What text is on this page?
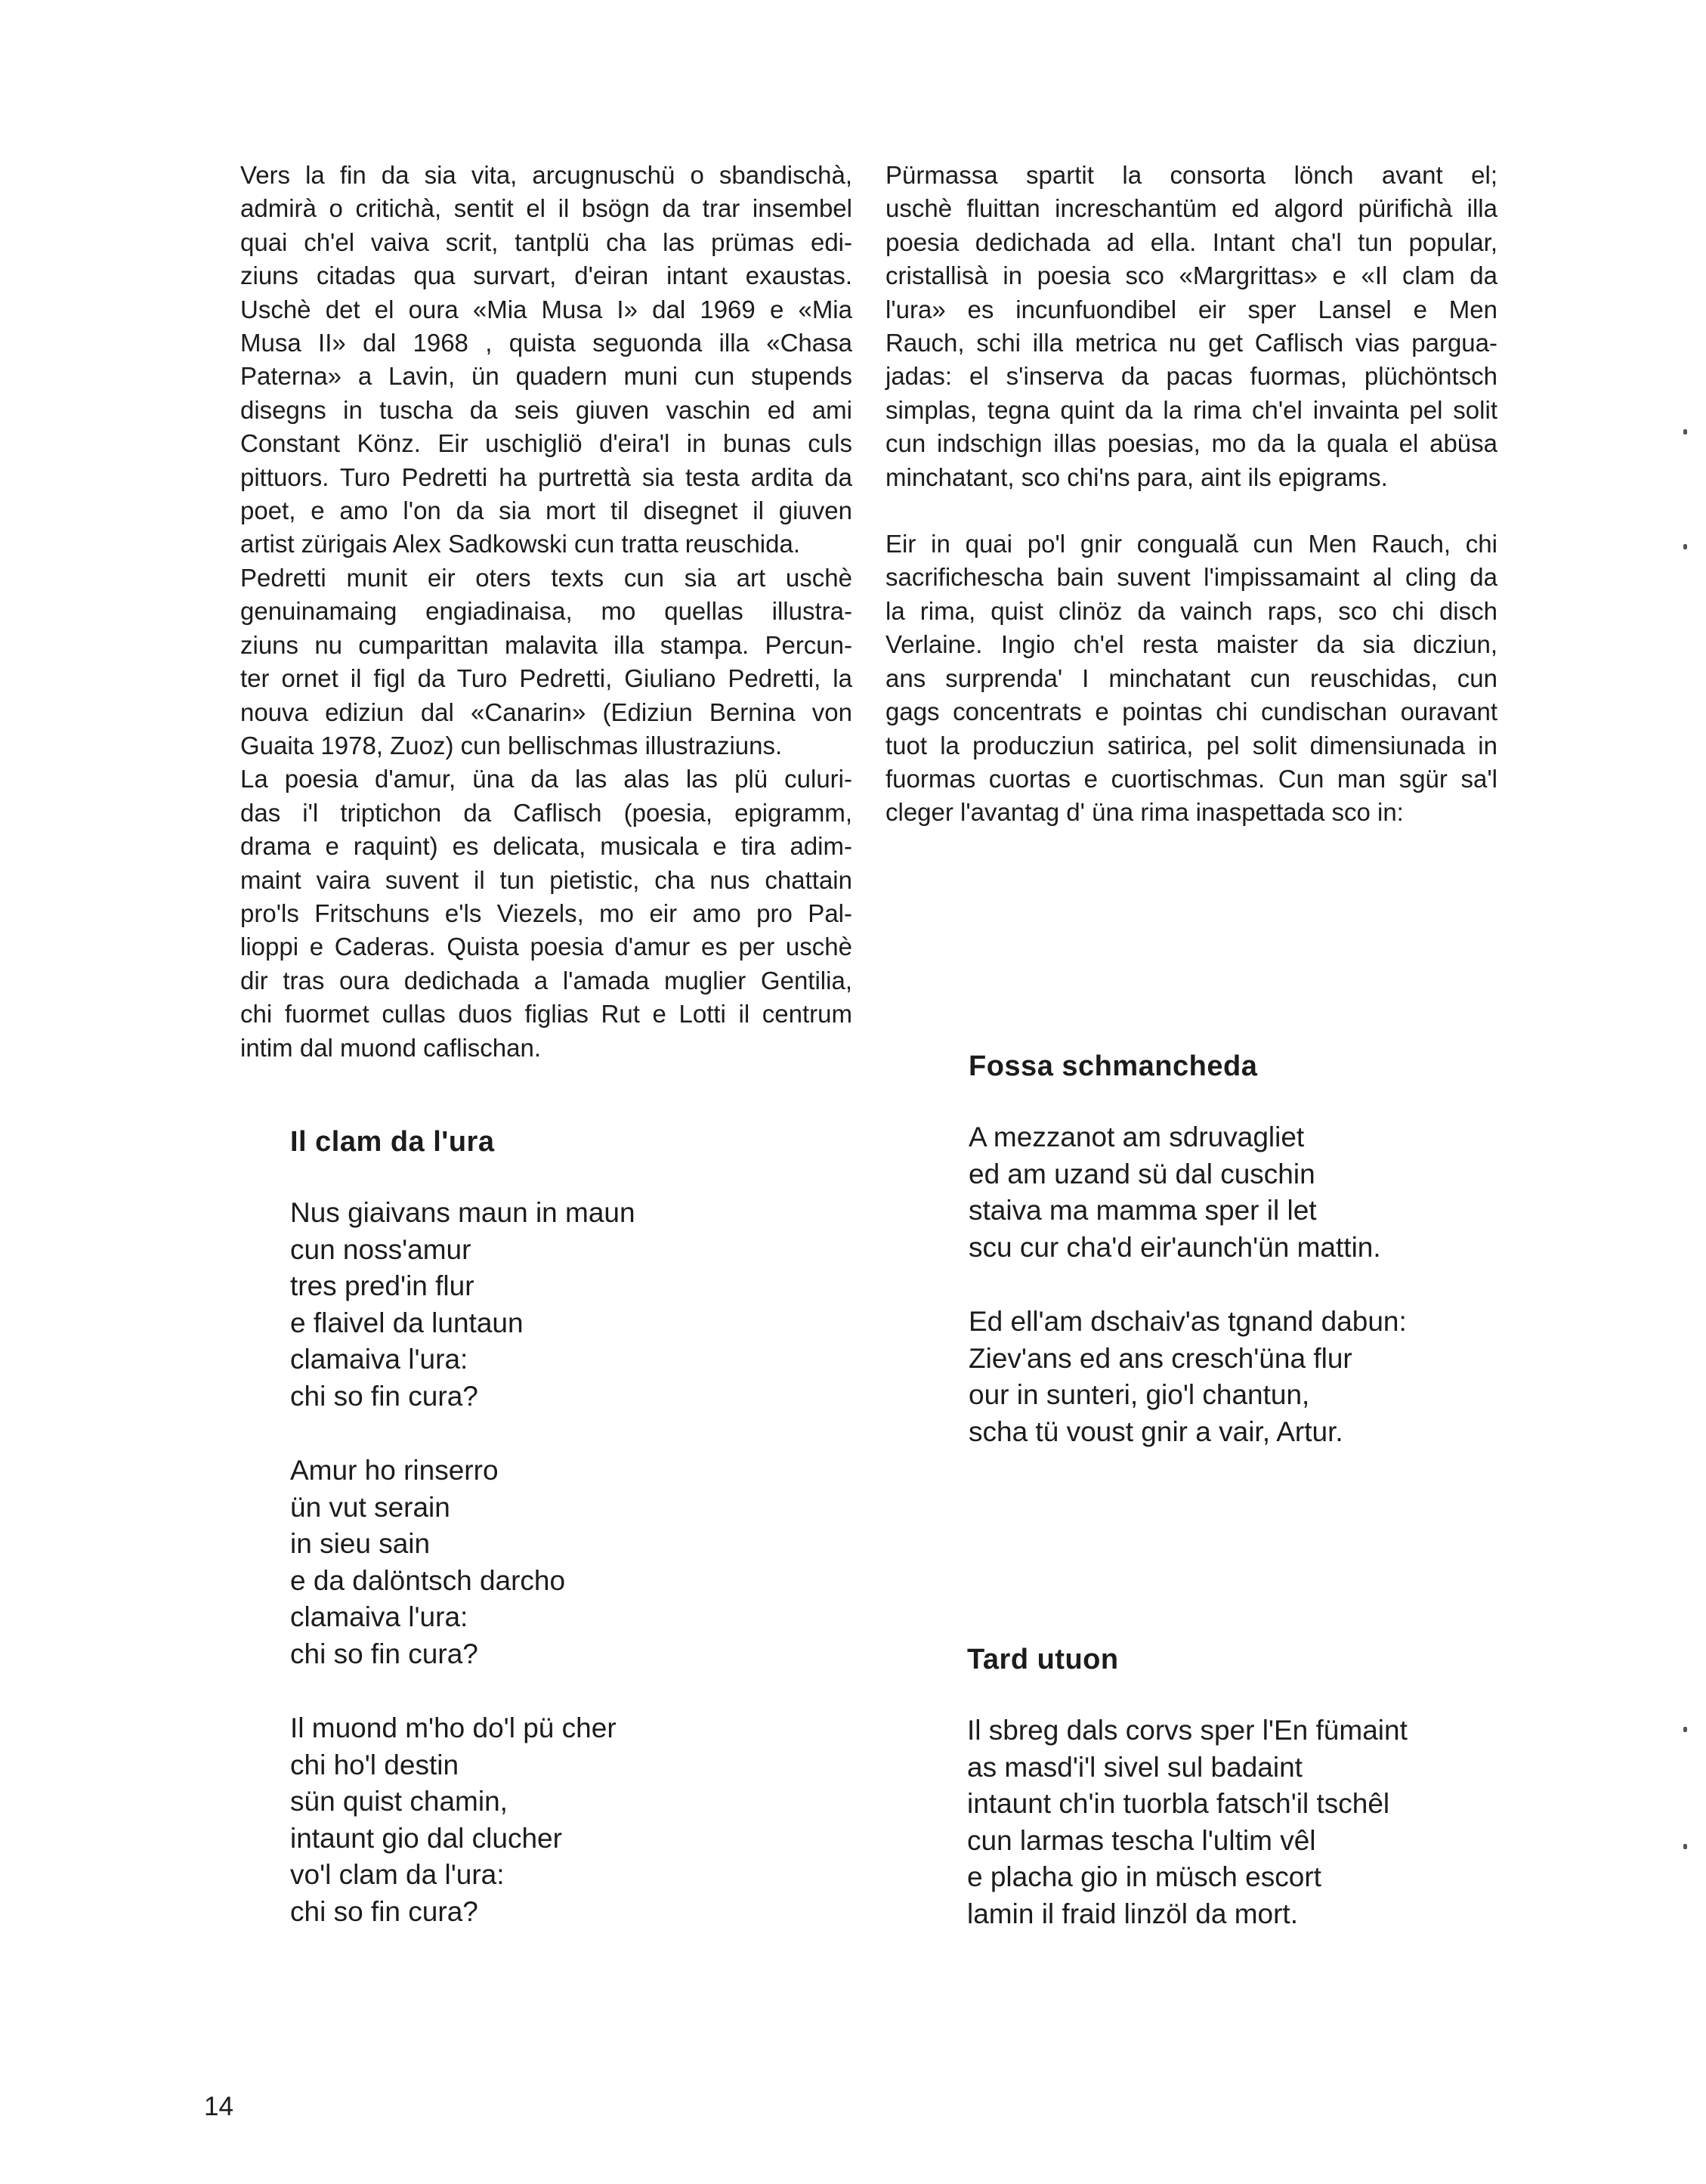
Vers la fin da sia vita, arcugnuschü o sbandischà,
admirà o critichà, sentit el il bsögn da trar insembel
quai ch'el vaiva scrit, tantplü cha las prümas edi-
ziuns citadas qua survart, d'eiran intant exaustas.
Uschè det el oura «Mia Musa I» dal 1969 e «Mia
Musa II» dal 1968 , quista seguonda illa «Chasa
Paterna» a Lavin, ün quadern muni cun stupends
disegns in tuscha da seis giuven vaschin ed ami
Constant Könz. Eir uschigliö d'eira'l in bunas culs
pittuors. Turo Pedretti ha purtrettà sia testa ardita da
poet, e amo l'on da sia mort til disegnet il giuven
artist zürigais Alex Sadkowski cun tratta reuschida.
Pedretti munit eir oters texts cun sia art uschè
genuinamaing engiadinaisa, mo quellas illustra-
ziuns nu cumparittan malavita illa stampa. Percun-
ter ornet il figl da Turo Pedretti, Giuliano Pedretti, la
nouva ediziun dal «Canarin» (Ediziun Bernina von
Guaita 1978, Zuoz) cun bellischmas illustraziuns.
La poesia d'amur, üna da las alas las plü culuri-
das i'l triptichon da Caflisch (poesia, epigramm,
drama e raquint) es delicata, musicala e tira adim-
maint vaira suvent il tun pietistic, cha nus chattain
pro'ls Fritschuns e'ls Viezels, mo eir amo pro Pal-
lioppi e Caderas. Quista poesia d'amur es per uschè
dir tras oura dedichada a l'amada muglier Gentilia,
chi fuormet cullas duos figlias Rut e Lotti il centrum
intim dal muond caflischan.
Pürmassa spartit la consorta lönch avant el;
uschè fluittan increschantüm ed algord pürifichà illa
poesia dedichada ad ella. Intant cha'l tun popular,
cristallisà in poesia sco «Margrittas» e «Il clam da
l'ura» es incunfuondibel eir sper Lansel e Men
Rauch, schi illa metrica nu get Caflisch vias pargua-
jadas: el s'inserva da pacas fuormas, plüchöntsch
simplas, tegna quint da la rima ch'el invainta pel solit
cun indschign illas poesias, mo da la quala el abüsa
minchatant, sco chi'ns para, aint ils epigrams.
Eir in quai po'l gnir conguală cun Men Rauch, chi
sacrifichescha bain suvent l'impissamaint al cling da
la rima, quist clinöz da vainch raps, sco chi disch
Verlaine. Ingio ch'el resta maister da sia dicziun,
ans surprenda' I minchatant cun reuschidas, cun
gags concentrats e pointas chi cundischan ouravant
tuot la producziun satirica, pel solit dimensiunada in
fuormas cuortas e cuortischmas. Cun man sgür sa'l
cleger l'avantag d' üna rima inaspettada sco in:
Il clam da l'ura
Nus giaivans maun in maun
cun noss'amur
tres pred'in flur
e flaivel da luntaun
clamaiva l'ura:
chi so fin cura?
Amur ho rinserro
ün vut serain
in sieu sain
e da dalöntsch darcho
clamaiva l'ura:
chi so fin cura?
Il muond m'ho do'l pü cher
chi ho'l destin
sün quist chamin,
intaunt gio dal clucher
vo'l clam da l'ura:
chi so fin cura?
Fossa schmancheda
A mezzanot am sdruvagliet
ed am uzand sü dal cuschin
staiva ma mamma sper il let
scu cur cha'd eir'aunch'ün mattin.
Ed ell'am dschaiv'as tgnand dabun:
Ziev'ans ed ans cresch'üna flur
our in sunteri, gio'l chantun,
scha tü voust gnir a vair, Artur.
Tard utuon
Il sbreg dals corvs sper l'En fümaint
as masd'i'l sivel sul badaint
intaunt ch'in tuorbla fatsch'il tschêl
cun larmas tescha l'ultim vêl
e placha gio in müsch escort
lamin il fraid linzöl da mort.
14
